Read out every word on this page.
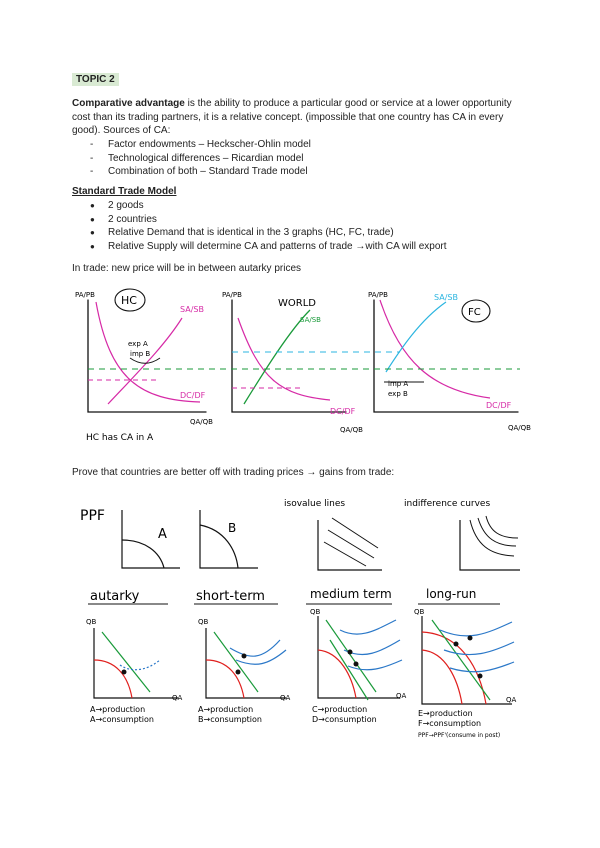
TOPIC 2
Comparative advantage is the ability to produce a particular good or service at a lower opportunity cost than its trading partners, it is a relative concept. (impossible that one country has CA in every good). Sources of CA:
-	Factor endowments – Heckscher-Ohlin model
-	Technological differences – Ricardian model
-	Combination of both – Standard Trade model
Standard Trade Model
●	2 goods
●	2 countries
●	Relative Demand that is identical in the 3 graphs (HC, FC, trade)
●	Relative Supply will determine CA and patterns of trade →with CA will export
In trade: new price will be in between autarky prices
HC
PA/PB
SA/SB
DC/DF
QA/QB
exp A
imp B
HC has CA in A
PA/PB
WORLD
SA/SB
DC/DF
QA/QB
PA/PB
FC
SA/SB
DC/DF
QA/QB
imp A
exp B
Prove that countries are better off with trading prices → gains from trade:
PPF
A	B
isovalue lines	indifference curves
autarky	short-term	medium term	long-run
QB
QA
QB
QA
QB
QA
QB
QA
A→production
A→consumption
A→production
B→consumption
C→production
D→consumption
E→production
F→consumption
PPF→PPF'(consume in post)
